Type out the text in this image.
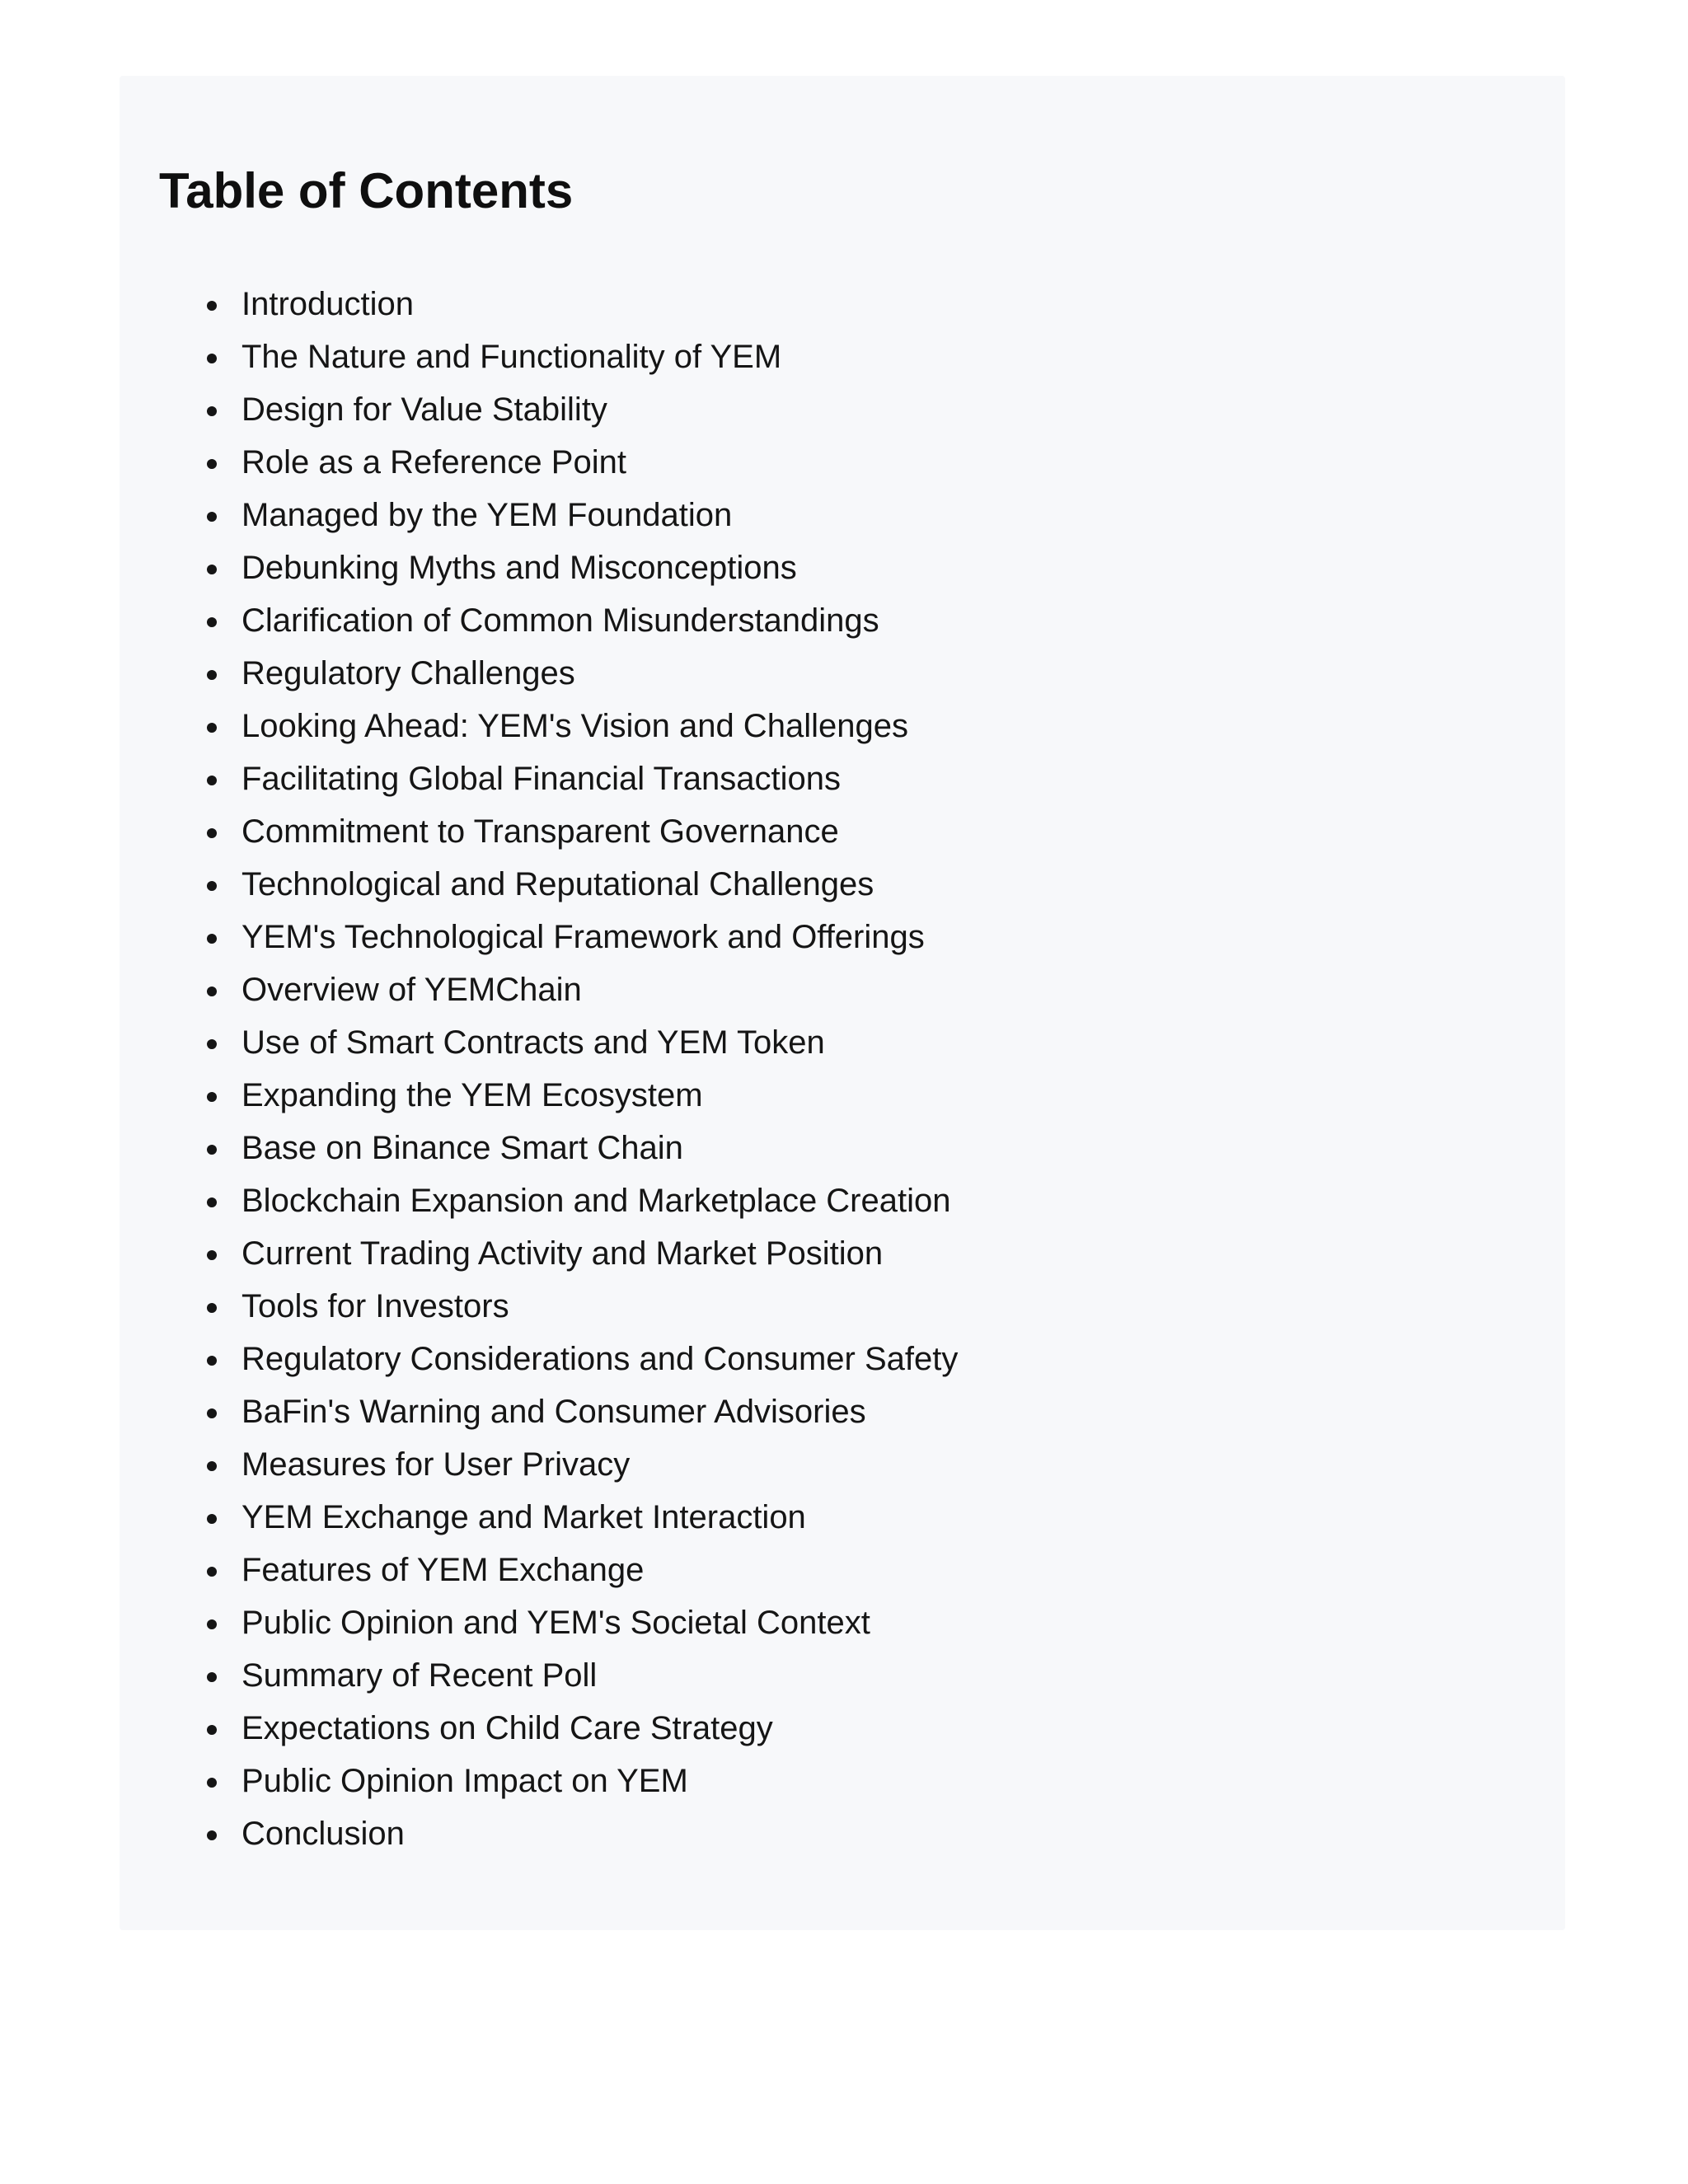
Table of Contents
Introduction
The Nature and Functionality of YEM
Design for Value Stability
Role as a Reference Point
Managed by the YEM Foundation
Debunking Myths and Misconceptions
Clarification of Common Misunderstandings
Regulatory Challenges
Looking Ahead: YEM's Vision and Challenges
Facilitating Global Financial Transactions
Commitment to Transparent Governance
Technological and Reputational Challenges
YEM's Technological Framework and Offerings
Overview of YEMChain
Use of Smart Contracts and YEM Token
Expanding the YEM Ecosystem
Base on Binance Smart Chain
Blockchain Expansion and Marketplace Creation
Current Trading Activity and Market Position
Tools for Investors
Regulatory Considerations and Consumer Safety
BaFin's Warning and Consumer Advisories
Measures for User Privacy
YEM Exchange and Market Interaction
Features of YEM Exchange
Public Opinion and YEM's Societal Context
Summary of Recent Poll
Expectations on Child Care Strategy
Public Opinion Impact on YEM
Conclusion
